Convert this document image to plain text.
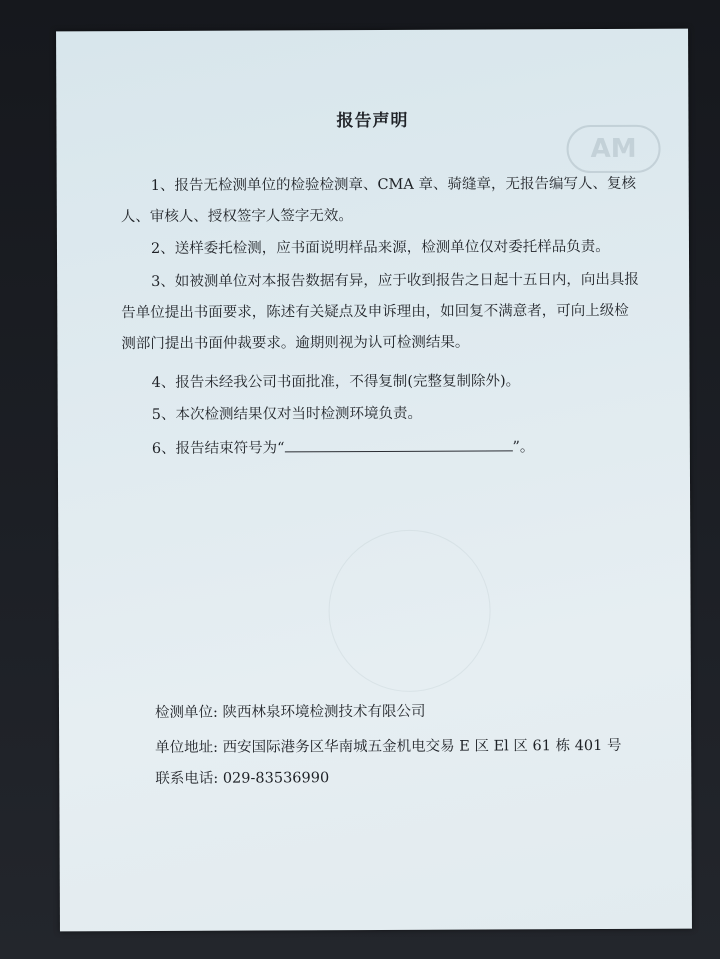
AM
报告声明
1、报告无检测单位的检验检测章、CMA 章、骑缝章，无报告编写人、复核人、审核人、授权签字人签字无效。
2、送样委托检测，应书面说明样品来源，检测单位仅对委托样品负责。
3、如被测单位对本报告数据有异，应于收到报告之日起十五日内，向出具报告单位提出书面要求，陈述有关疑点及申诉理由，如回复不满意者，可向上级检测部门提出书面仲裁要求。逾期则视为认可检测结果。
4、报告未经我公司书面批准，不得复制(完整复制除外)。
5、本次检测结果仅对当时检测环境负责。
6、报告结束符号为“	”。
检测单位: 陕西林泉环境检测技术有限公司
单位地址: 西安国际港务区华南城五金机电交易 E 区 El 区 61 栋 401 号
联系电话: 029-83536990
